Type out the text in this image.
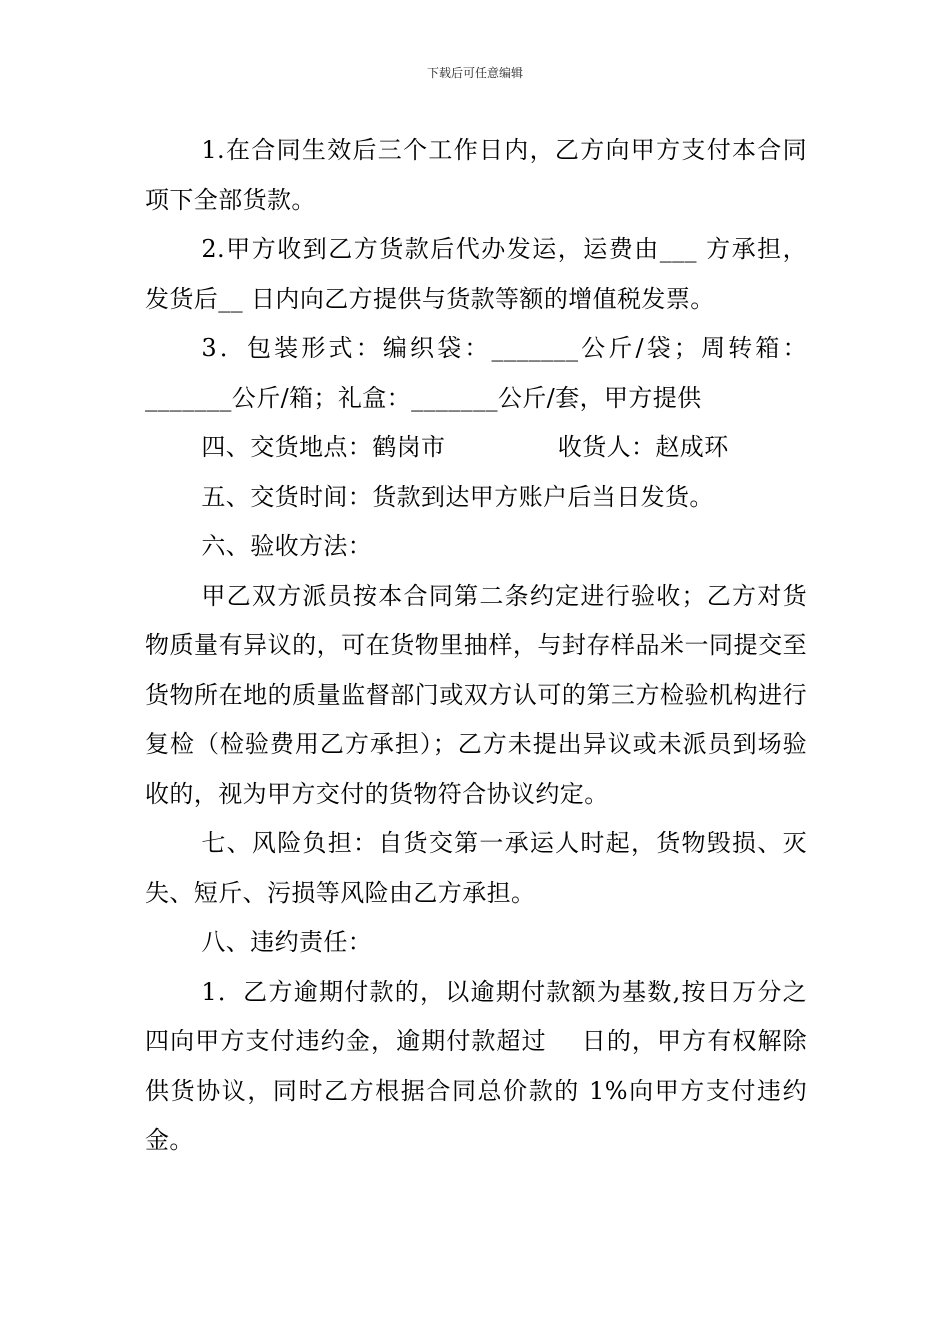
下载后可任意编辑

1.在合同生效后三个工作日内，乙方向甲方支付本合同项下全部货款。

2.甲方收到乙方货款后代办发运，运费由___ 方承担，发货后__ 日内向乙方提供与货款等额的增值税发票。

3．包装形式：编织袋：_______公斤/袋；周转箱：_______公斤/箱；礼盒：_______公斤/套，甲方提供

四、交货地点：鹤岗市              收货人：赵成环

五、交货时间：货款到达甲方账户后当日发货。

六、验收方法：

甲乙双方派员按本合同第二条约定进行验收；乙方对货物质量有异议的，可在货物里抽样，与封存样品米一同提交至货物所在地的质量监督部门或双方认可的第三方检验机构进行复检（检验费用乙方承担）；乙方未提出异议或未派员到场验收的，视为甲方交付的货物符合协议约定。

七、风险负担：自货交第一承运人时起，货物毁损、灭失、短斤、污损等风险由乙方承担。

八、违约责任：

1．乙方逾期付款的，以逾期付款额为基数,按日万分之四向甲方支付违约金，逾期付款超过    日的，甲方有权解除供货协议，同时乙方根据合同总价款的 1%向甲方支付违约金。
